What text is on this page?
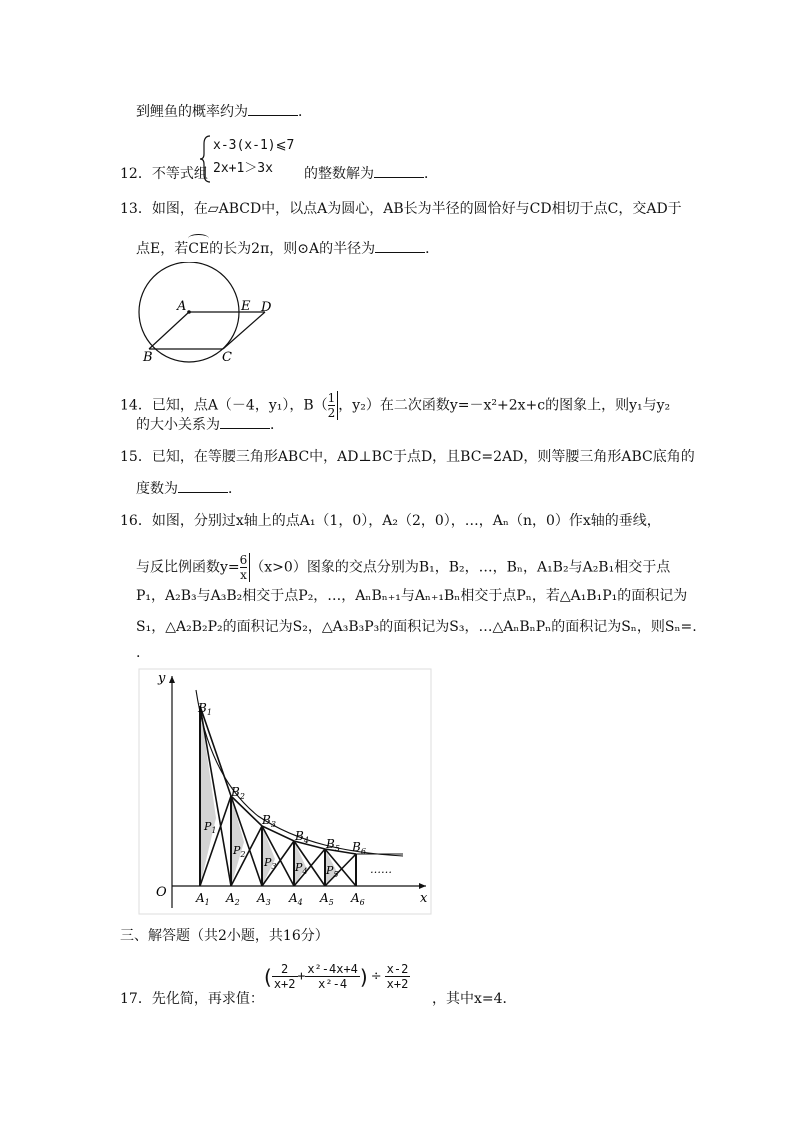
到鲤鱼的概率约为	．
12．不等式组
x-3(x-1)⩽7
2x+1＞3x 的整数解为	．
13．如图，在▱ABCD中，以点A为圆心，AB长为半径的圆恰好与CD相切于点C，交AD于
点E，若
CE的长为2π，则⊙A的半径为	．
A	E D
B	C
14．已知，点A（－4，y₁），$B( \frac{1}{2}$，y₂）在二次函数y=－x²+2x+c的图象上，则y₁与y₂
的大小关系为	．
15．已知，在等腰三角形ABC中，AD⊥BC于点D，且BC=2AD，则等腰三角形ABC底角的
度数为	．
16．如图，分别过x轴上的点A₁（1，0），A₂（2，0），…，Aₙ（n，0）作x轴的垂线，
与反比例函数$y= \frac{6}{x}(x>0)$图象的交点分别为B₁，B₂，…，Bₙ，A₁B₂与A₂B₁相交于点
P₁，A₂B₃与A₃B₂相交于点P₂，…，AₙBₙ₊₁与Aₙ₊₁Bₙ相交于点Pₙ，若△A₁B₁P₁的面积记为
S₁，△A₂B₂P₂的面积记为S₂，△A₃B₃P₃的面积记为S₃，…△AₙBₙPₙ的面积记为Sₙ，则Sₙ=.
.
y
x
O
……
$B_1$
$B_2$
$B_3$
$B_4$ $B_5$ $B_6$
$A_1$ $A_2$ $A_3$ $A_4$ $A_5$ $A_6$
$P_1$
$P_2$
$P_3$ $P_4$ $P_5$
三、解答题（共2小题，共16分）
17．先化简，再求值：
( $\frac{2}{x+2} + \frac{\text{x²-4x+4}}{\text{x²-4}}$ ) ÷ $\frac{x-2}{x+2}$
，其中x=4．
